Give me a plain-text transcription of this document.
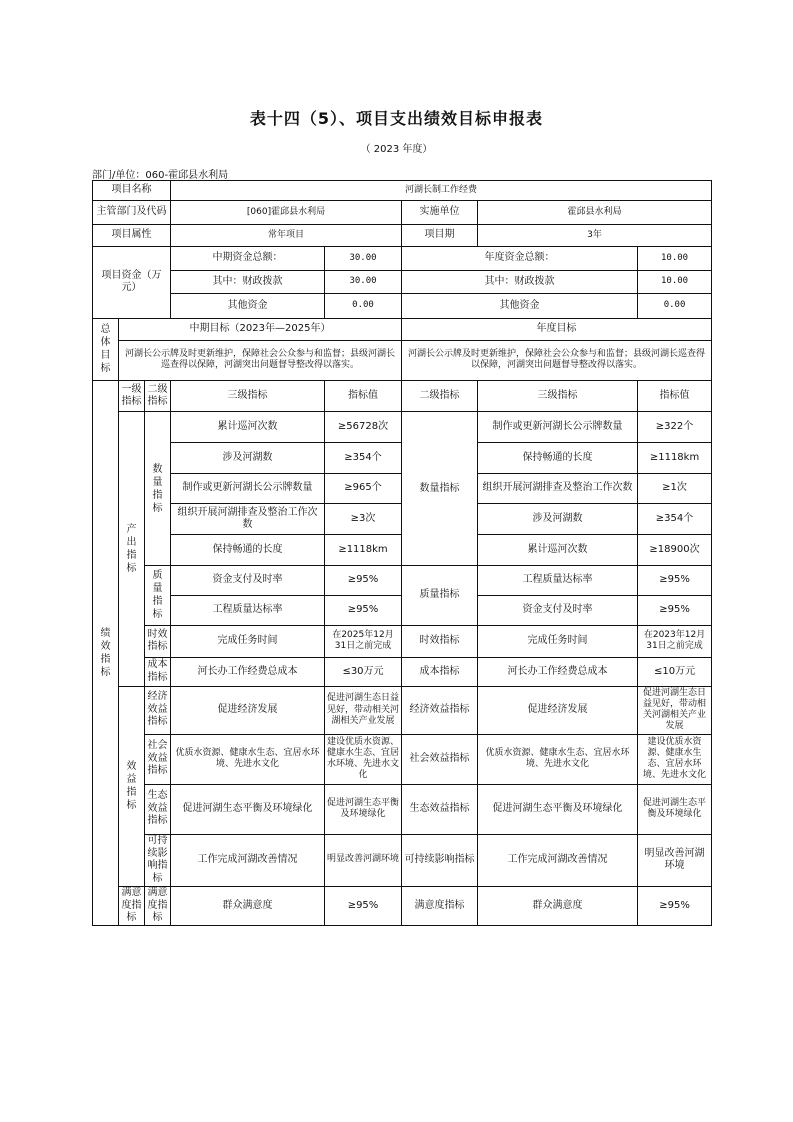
表十四（5）、项目支出绩效目标申报表
（ 2023 年度）
部门/单位：060-霍邱县水利局
项目名称			河湖长制工作经费				
主管部门及代码			[060]霍邱县水利局		实施单位	霍邱县水利局	
项目属性			常年项目		项目期	3年	
项目资金（万元）			中期资金总额：	30.00	年度资金总额：		10.00
			其中：财政拨款	30.00	其中：财政拨款		10.00
			其他资金	0.00	其他资金		0.00
总体目标	中期目标（2023年—2025年）				年度目标		
	河湖长公示牌及时更新维护，保障社会公众参与和监督；县级河湖长巡查得以保障，河湖突出问题督导整改得以落实。				河湖长公示牌及时更新维护，保障社会公众参与和监督；县级河湖长巡查得以保障，河湖突出问题督导整改得以落实。		
绩效指标	一级指标	二级指标	三级指标	指标值	二级指标	三级指标	指标值
	产出指标	数量指标	累计巡河次数	≥56728次	数量指标	制作或更新河湖长公示牌数量	≥322个
			涉及河湖数	≥354个		保持畅通的长度	≥1118km
			制作或更新河湖长公示牌数量	≥965个		组织开展河湖排查及整治工作次数	≥1次
			组织开展河湖排查及整治工作次数	≥3次		涉及河湖数	≥354个
			保持畅通的长度	≥1118km		累计巡河次数	≥18900次
		质量指标	资金支付及时率	≥95%	质量指标	工程质量达标率	≥95%
			工程质量达标率	≥95%		资金支付及时率	≥95%
		时效指标	完成任务时间	在2025年12月31日之前完成	时效指标	完成任务时间	在2023年12月31日之前完成
		成本指标	河长办工作经费总成本	≤30万元	成本指标	河长办工作经费总成本	≤10万元
	效益指标	经济效益指标	促进经济发展	促进河湖生态日益见好，带动相关河湖相关产业发展	经济效益指标	促进经济发展	促进河湖生态日益见好，带动相关河湖相关产业发展
		社会效益指标	优质水资源、健康水生态、宜居水环境、先进水文化	建设优质水资源、健康水生态、宜居水环境、先进水文化	社会效益指标	优质水资源、健康水生态、宜居水环境、先进水文化	建设优质水资源、健康水生态、宜居水环境、先进水文化
		生态效益指标	促进河湖生态平衡及环境绿化	促进河湖生态平衡及环境绿化	生态效益指标	促进河湖生态平衡及环境绿化	促进河湖生态平衡及环境绿化
		可持续影响指标	工作完成河湖改善情况	明显改善河湖环境	可持续影响指标	工作完成河湖改善情况	明显改善河湖环境
	满意度指标	满意度指标	群众满意度	≥95%	满意度指标	群众满意度	≥95%
